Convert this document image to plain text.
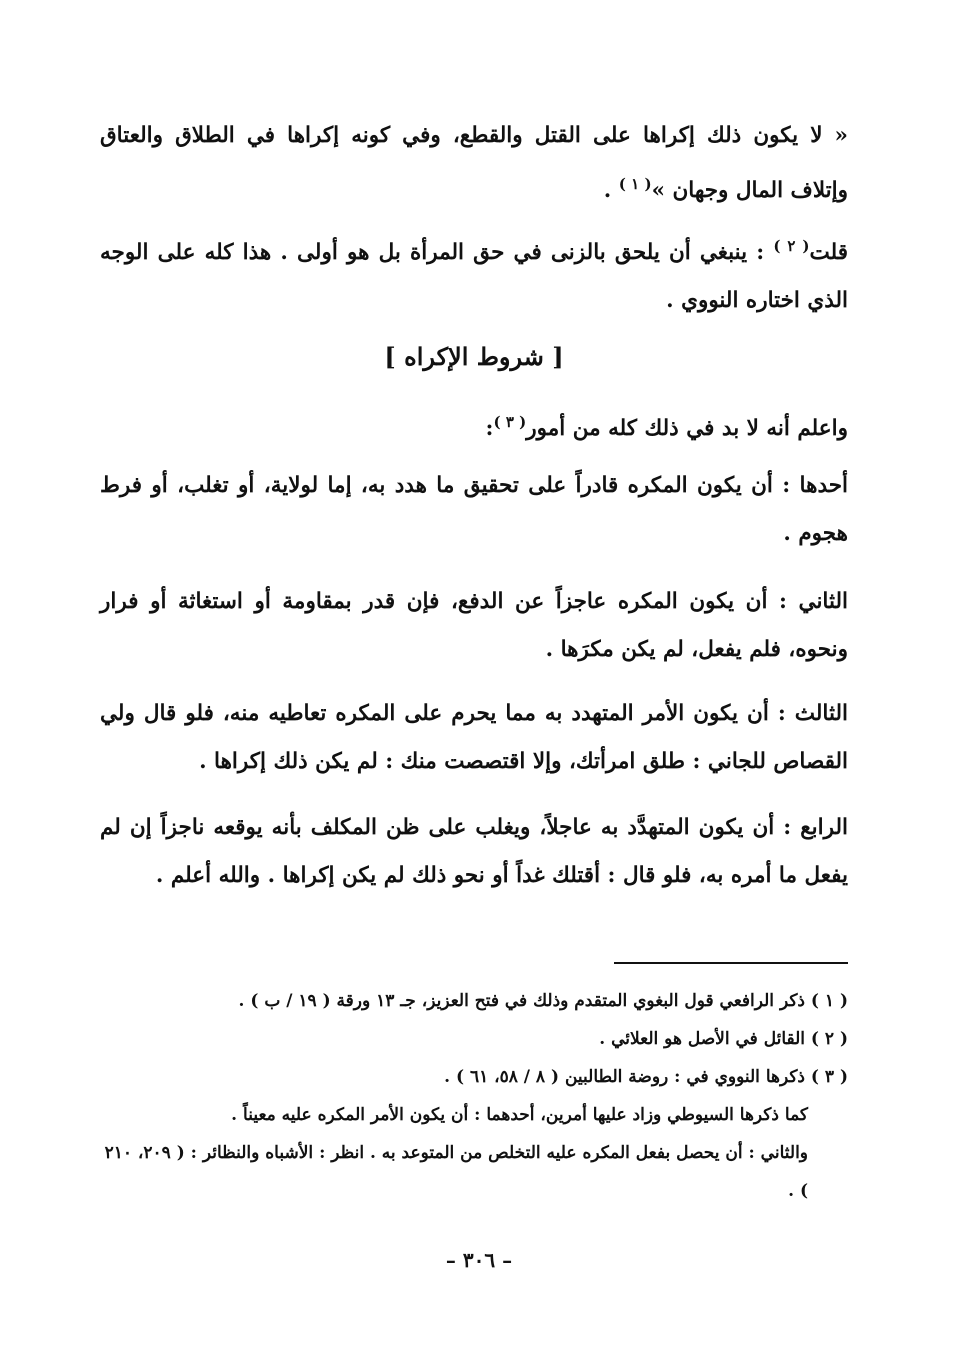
« لا يكون ذلك إكراها على القتل والقطع، وفي كونه إكراها في الطلاق والعتاق وإتلاف المال وجهان »$^{( ١ )}$ .

قلت$^{( ٢ )}$ : ينبغي أن يلحق بالزنى في حق المرأة بل هو أولى . هذا كله على الوجه الذي اختاره النووي .

[ شروط الإكراه ]

واعلم أنه لا بد في ذلك كله من أمور$^{( ٣ )}$:

أحدها : أن يكون المكره قادراً على تحقيق ما هدد به، إما لولاية، أو تغلب، أو فرط هجوم .

الثاني : أن يكون المكره عاجزاً عن الدفع، فإن قدر بمقاومة أو استغاثة أو فرار ونحوه، فلم يفعل، لم يكن مكرَها .

الثالث : أن يكون الأمر المتهدد به مما يحرم على المكره تعاطيه منه، فلو قال ولي القصاص للجاني : طلق امرأتك، وإلا اقتصصت منك : لم يكن ذلك إكراها .

الرابع : أن يكون المتهدَّد به عاجلاً، ويغلب على ظن المكلف بأنه يوقعه ناجزاً إن لم يفعل ما أمره به، فلو قال : أقتلك غداً أو نحو ذلك لم يكن إكراها . والله أعلم .

( ١ ) ذكر الرافعي قول البغوي المتقدم وذلك في فتح العزيز، جـ ١٣ ورقة ( ١٩ / ب ) .

( ٢ ) القائل في الأصل هو العلائي .

( ٣ ) ذكرها النووي في : روضة الطالبين ( ٨ / ٥٨، ٦١ ) .

كما ذكرها السيوطي وزاد عليها أمرين، أحدهما : أن يكون الأمر المكره عليه معيناً .

والثاني : أن يحصل بفعل المكره عليه التخلص من المتوعد به . انظر : الأشباه والنظائر : ( ٢٠٩، ٢١٠ ) .

– ٣٠٦ –
